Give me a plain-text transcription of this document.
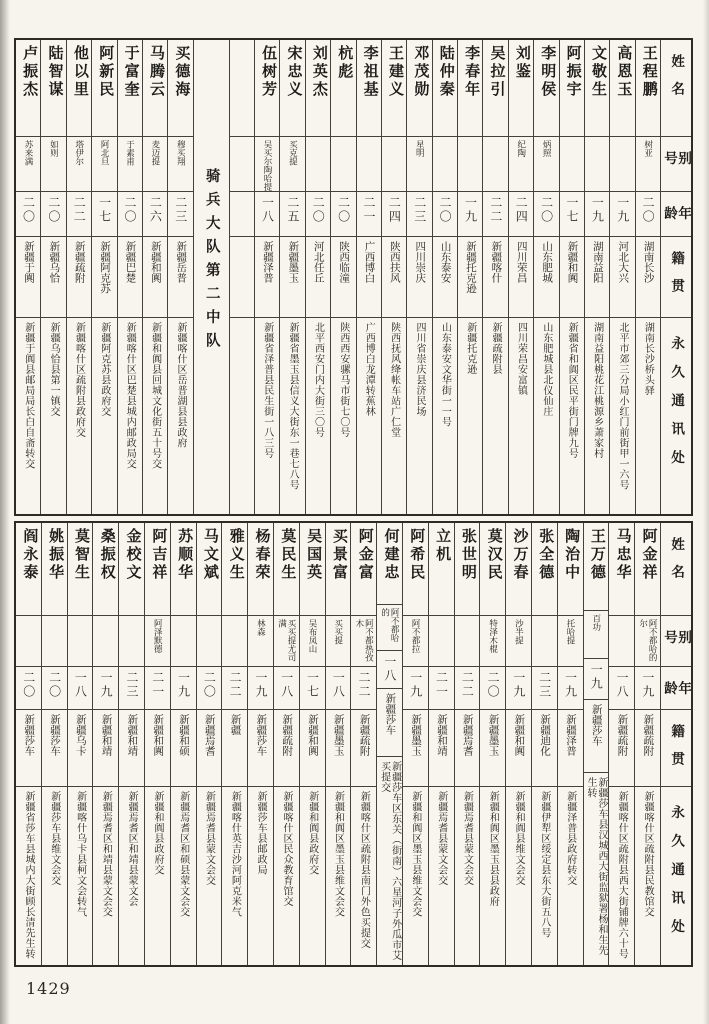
姓名
别号
年龄
籍贯
永久通讯处
王程鹏
树亚
二〇
湖南长沙
湖南长沙桥头驿
高恩玉
一九
河北大兴
北平市郊三分局小红门前街甲一六号
文敬生
一九
湖南益阳
湖南益阳桃花江桃源乡萧家村
阿振宇
一七
新疆和阗
新疆省和阗区民平街门牌九号
李明侯
炳照
二〇
山东肥城
山东肥城县北仪仙庄
刘鉴
纪陶
二四
四川荣昌
四川荣昌安富镇
吴拉引
二二
新疆喀什
新疆疏附县
李春年
一九
新疆托克逊
新疆托克逊
陆仲秦
二〇
山东泰安
山东泰安文华街一一号
邓茂勋
星明
二三
四川崇庆
四川省崇庆县济民场
王建义
二四
陕西扶风
陕西抚风绛帐车站广仁堂
李祖基
二一
广西博白
广西博白龙潭转蕉林
杭彪
二〇
陕西临潼
陕西西安骡马市街七〇号
刘英杰
二〇
河北任丘
北平西安门内大街三〇号
宋忠义
买克提
二五
新疆墨玉
新疆省墨玉县信义大街东一巷七八号
伍树芳
吴买尔陶哈提
一八
新疆泽普
新疆省泽普县民生街一八三号
骑兵大队第二中队
买德海
穆买翔
二三
新疆岳普
新疆喀什区岳普湖县县政府
马腾云
麦迈提
二六
新疆和阗
新疆和阗县回城文化街五十号交
于富奎
于素甫
二〇
新疆巴楚
新疆喀什区巴楚县城内邮政局交
阿新民
阿北旦
一七
新疆阿克苏
新疆阿克苏县政府交
他以里
塔伊尔
二二
新疆疏附
新疆喀什区疏附县政府交
陆智谋
如则
二〇
新疆乌恰
新疆乌恰县第一镇交
卢振杰
苏来满
二〇
新疆于阗
新疆于阗县邮局局长白自斋转交
姓名
别号
年龄
籍贯
永久通讯处
阿金祥
阿不都哈的尔
一九
新疆疏附
新疆喀什区疏附县民教馆交
马忠华
一八
新疆疏附
新疆喀什区疏附县西大街铺牌六十号
王万德
百功
一九
新疆莎车
新疆莎车县汉城西大街监狱署杨和生先生转
陶治中
托哈提
一九
新疆泽普
新疆泽普县政府转交
张全德
二三
新疆迪化
新疆伊犁区绥定县东大街五八号
沙万春
沙半提
一九
新疆和阗
新疆和阗县维文会交
莫汉民
特泽木棍
二〇
新疆墨玉
新疆和阗区墨玉县县政府
张世明
二二
新疆焉耆
新疆焉耆县蒙文会交
立机
二一
新疆和靖
新疆焉耆县蒙文会交
阿希民
阿不都拉
一九
新疆墨玉
新疆和阗区墨玉县维文会交
何建忠
阿不都哈的
一八
新疆莎车
新疆莎车区东关（街南）六星河子外瓜市艾买提交
阿金富
阿不都热孜木
二二
新疆疏附
新疆喀什区疏附县南门外色买提交
买景富
买买提
一八
新疆墨玉
新疆和阗区墨玉县维文会交
吴国英
吴布凤山
一七
新疆和阗
新疆和阗县政府交
莫民生
买买提尤司满
一八
新疆疏附
新疆喀什区民众教育馆交
杨春荣
林森
一九
新疆莎车
新疆莎车县邮政局
雅义生
二二
新疆
新疆喀什英吉沙河阿克米气
马文斌
二〇
新疆焉耆
新疆焉耆县蒙文会交
苏顺华
一九
新疆和硕
新疆焉耆区和硕县蒙文会交
阿吉祥
阿泽默德
二一
新疆和阗
新疆和阗县政府交
金校文
二三
新疆和靖
新疆焉耆区和靖县蒙文会
桑振权
一九
新疆和靖
新疆焉耆区和靖县蒙文会交
莫智生
一八
新疆乌卡
新疆喀什乌卡县柯文会转气
姚振华
二〇
新疆莎车
新疆莎车县维文会交
阎永泰
二〇
新疆莎车
新疆省莎车县城内大街顾长清先生转
1429
